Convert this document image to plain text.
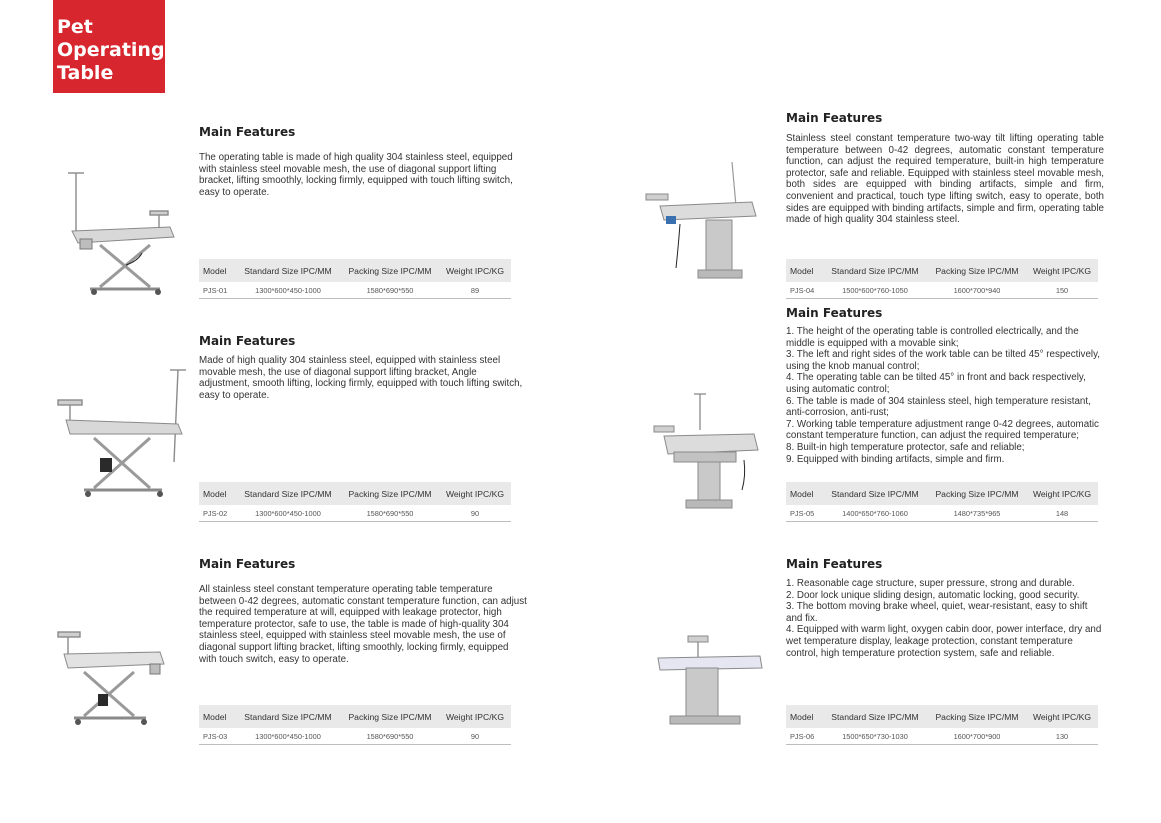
Pet
Operating
Table
Main Features

The operating table is made of high quality 304 stainless steel, equipped with stainless steel movable mesh, the use of diagonal support lifting bracket, lifting smoothly, locking firmly, equipped with touch lifting switch, easy to operate.

Model	Standard Size IPC/MM	Packing Size IPC/MM	Weight IPC/KG
PJS-01	1300*600*450-1000	1580*690*550	89
Main Features

Made of high quality 304 stainless steel, equipped with stainless steel movable mesh, the use of diagonal support lifting bracket, Angle adjustment, smooth lifting, locking firmly, equipped with touch lifting switch, easy to operate.

Model	Standard Size IPC/MM	Packing Size IPC/MM	Weight IPC/KG
PJS-02	1300*600*450-1000	1580*690*550	90
Main Features

All stainless steel constant temperature operating table temperature between 0-42 degrees, automatic constant temperature function, can adjust the required temperature at will, equipped with leakage protector, high temperature protector, safe to use, the table is made of high-quality 304 stainless steel, equipped with stainless steel movable mesh, the use of diagonal support lifting bracket, lifting smoothly, locking firmly, equipped with touch switch, easy to operate.

Model	Standard Size IPC/MM	Packing Size IPC/MM	Weight IPC/KG
PJS-03	1300*600*450-1000	1580*690*550	90
Main Features

Stainless steel constant temperature two-way tilt lifting operating table temperature between 0-42 degrees, automatic constant temperature function, can adjust the required temperature, built-in high temperature protector, safe and reliable. Equipped with stainless steel movable mesh, both sides are equipped with binding artifacts, simple and firm, convenient and practical, touch type lifting switch, easy to operate, both sides are equipped with binding artifacts, simple and firm, operating table made of high quality 304 stainless steel.

Model	Standard Size IPC/MM	Packing Size IPC/MM	Weight IPC/KG
PJS-04	1500*600*760-1050	1600*700*940	150
Main Features

1. The height of the operating table is controlled electrically, and the middle is equipped with a movable sink;

3. The left and right sides of the work table can be tilted 45° respectively, using the knob manual control;

4. The operating table can be tilted 45° in front and back respectively, using automatic control;

6. The table is made of 304 stainless steel, high temperature resistant, anti-corrosion, anti-rust;

7. Working table temperature adjustment range 0-42 degrees, automatic constant temperature function, can adjust the required temperature;

8. Built-in high temperature protector, safe and reliable;

9. Equipped with binding artifacts, simple and firm.

Model	Standard Size IPC/MM	Packing Size IPC/MM	Weight IPC/KG
PJS-05	1400*650*760-1060	1480*735*965	148
Main Features

1. Reasonable cage structure, super pressure, strong and durable.

2. Door lock unique sliding design, automatic locking, good security.

3. The bottom moving brake wheel, quiet, wear-resistant, easy to shift and fix.

4. Equipped with warm light, oxygen cabin door, power interface, dry and wet temperature display, leakage protection, constant temperature control, high temperature protection system, safe and reliable.

Model	Standard Size IPC/MM	Packing Size IPC/MM	Weight IPC/KG
PJS-06	1500*650*730-1030	1600*700*900	130
